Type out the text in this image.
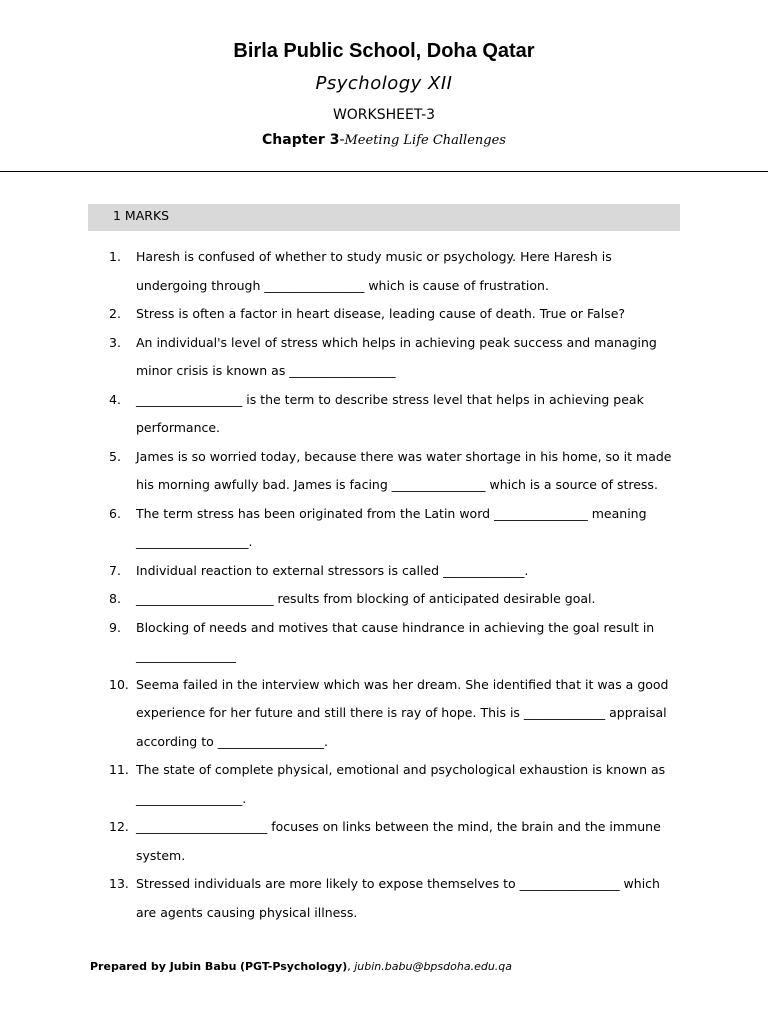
Birla Public School, Doha Qatar
Psychology XII
WORKSHEET-3
Chapter 3-Meeting Life Challenges
1 MARKS
1.	Haresh is confused of whether to study music or psychology. Here Haresh is undergoing through ________________ which is cause of frustration.
2.	Stress is often a factor in heart disease, leading cause of death. True or False?
3.	An individual's level of stress which helps in achieving peak success and managing minor crisis is known as _________________
4.	_________________ is the term to describe stress level that helps in achieving peak performance.
5.	James is so worried today, because there was water shortage in his home, so it made his morning awfully bad. James is facing _______________ which is a source of stress.
6.	The term stress has been originated from the Latin word _______________ meaning __________________.
7.	Individual reaction to external stressors is called _____________.
8.	______________________ results from blocking of anticipated desirable goal.
9.	Blocking of needs and motives that cause hindrance in achieving the goal result in ________________
10. Seema failed in the interview which was her dream. She identified that it was a good experience for her future and still there is ray of hope. This is _____________ appraisal according to _________________.
11. The state of complete physical, emotional and psychological exhaustion is known as _________________.
12. _____________________ focuses on links between the mind, the brain and the immune system.
13. Stressed individuals are more likely to expose themselves to ________________ which are agents causing physical illness.
Prepared by Jubin Babu (PGT-Psychology), jubin.babu@bpsdoha.edu.qa
